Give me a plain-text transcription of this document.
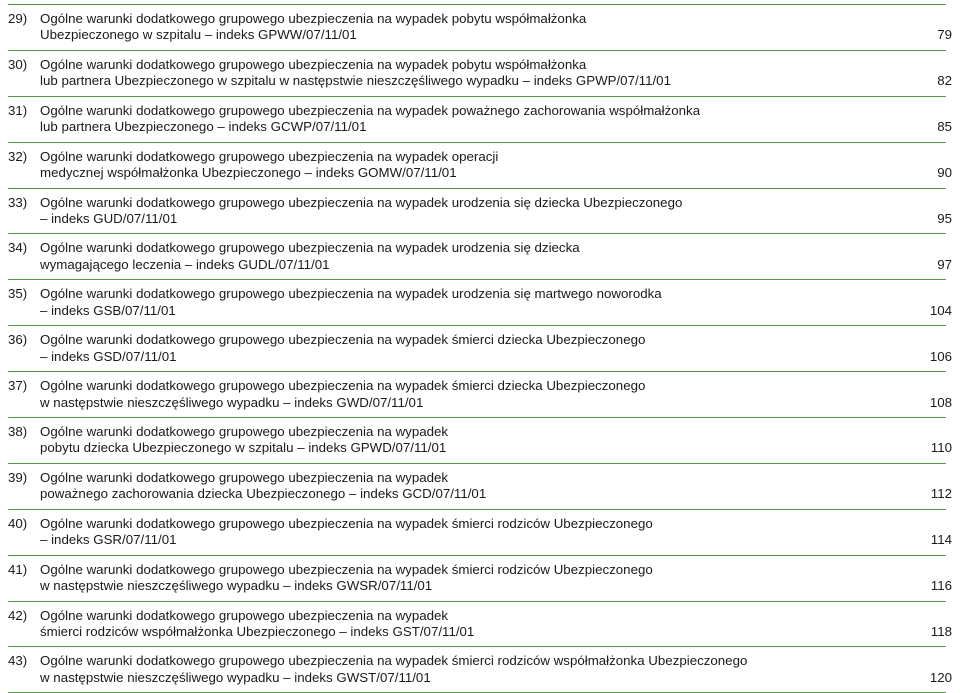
29) Ogólne warunki dodatkowego grupowego ubezpieczenia na wypadek pobytu współmałżonka
Ubezpieczonego w szpitalu – indeks GPWW/07/11/01	79
30) Ogólne warunki dodatkowego grupowego ubezpieczenia na wypadek pobytu współmałżonka
lub partnera Ubezpieczonego w szpitalu w następstwie nieszczęśliwego wypadku – indeks GPWP/07/11/01	82
31) Ogólne warunki dodatkowego grupowego ubezpieczenia na wypadek poważnego zachorowania współmałżonka
lub partnera Ubezpieczonego – indeks GCWP/07/11/01	85
32) Ogólne warunki dodatkowego grupowego ubezpieczenia na wypadek operacji
medycznej współmałżonka Ubezpieczonego – indeks GOMW/07/11/01	90
33) Ogólne warunki dodatkowego grupowego ubezpieczenia na wypadek urodzenia się dziecka Ubezpieczonego
– indeks GUD/07/11/01	95
34) Ogólne warunki dodatkowego grupowego ubezpieczenia na wypadek urodzenia się dziecka
wymagającego leczenia – indeks GUDL/07/11/01	97
35) Ogólne warunki dodatkowego grupowego ubezpieczenia na wypadek urodzenia się martwego noworodka
– indeks GSB/07/11/01	104
36) Ogólne warunki dodatkowego grupowego ubezpieczenia na wypadek śmierci dziecka Ubezpieczonego
– indeks GSD/07/11/01	106
37) Ogólne warunki dodatkowego grupowego ubezpieczenia na wypadek śmierci dziecka Ubezpieczonego
w następstwie nieszczęśliwego wypadku – indeks GWD/07/11/01	108
38) Ogólne warunki dodatkowego grupowego ubezpieczenia na wypadek
pobytu dziecka Ubezpieczonego w szpitalu – indeks GPWD/07/11/01	110
39) Ogólne warunki dodatkowego grupowego ubezpieczenia na wypadek
poważnego zachorowania dziecka Ubezpieczonego – indeks GCD/07/11/01	112
40) Ogólne warunki dodatkowego grupowego ubezpieczenia na wypadek śmierci rodziców Ubezpieczonego
– indeks GSR/07/11/01	114
41) Ogólne warunki dodatkowego grupowego ubezpieczenia na wypadek śmierci rodziców Ubezpieczonego
w następstwie nieszczęśliwego wypadku – indeks GWSR/07/11/01	116
42) Ogólne warunki dodatkowego grupowego ubezpieczenia na wypadek
śmierci rodziców współmałżonka Ubezpieczonego – indeks GST/07/11/01	118
43) Ogólne warunki dodatkowego grupowego ubezpieczenia na wypadek śmierci rodziców współmałżonka Ubezpieczonego
w następstwie nieszczęśliwego wypadku – indeks GWST/07/11/01	120
